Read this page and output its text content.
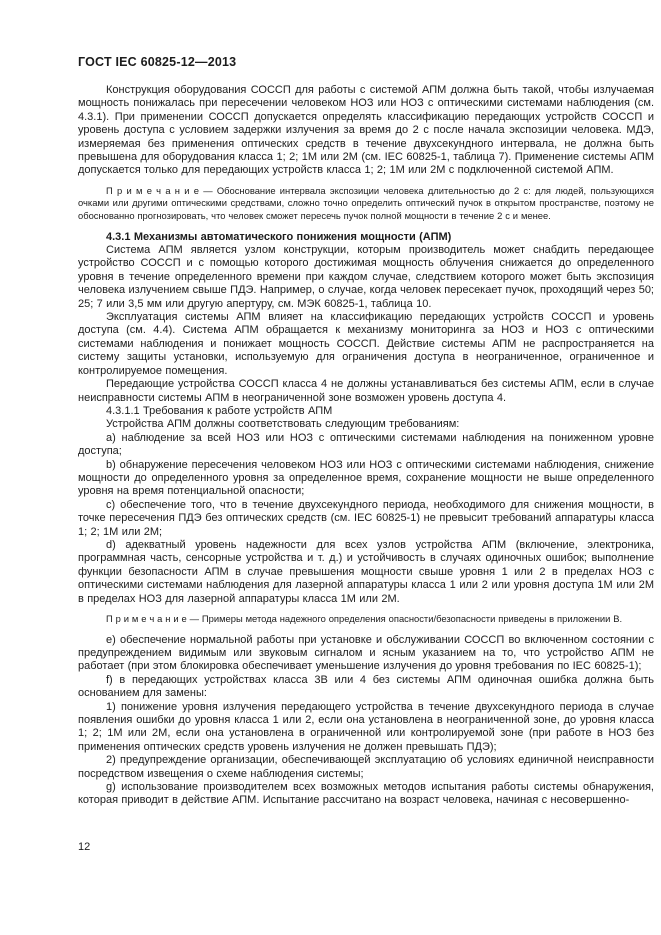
ГОСТ IEC 60825-12—2013

Конструкция оборудования СОССП для работы с системой АПМ должна быть такой, чтобы излучаемая мощность понижалась при пересечении человеком НОЗ или НОЗ с оптическими системами наблюдения (см. 4.3.1). При применении СОССП допускается определять классификацию передающих устройств СОССП и уровень доступа с условием задержки излучения за время до 2 с после начала экспозиции человека. МДЭ, измеряемая без применения оптических средств в течение двухсекундного интервала, не должна быть превышена для оборудования класса 1; 2; 1М или 2М (см. IEC 60825-1, таблица 7). Применение системы АПМ допускается только для передающих устройств класса 1; 2; 1М или 2М с подключенной системой АПМ.

П р и м е ч а н и е — Обоснование интервала экспозиции человека длительностью до 2 с: для людей, пользующихся очками или другими оптическими средствами, сложно точно определить оптический пучок в открытом пространстве, поэтому не обоснованно прогнозировать, что человек сможет пересечь пучок полной мощности в течение 2 с и менее.

4.3.1 Механизмы автоматического понижения мощности (АПМ)

Система АПМ является узлом конструкции, которым производитель может снабдить передающее устройство СОССП и с помощью которого достижимая мощность облучения снижается до определенного уровня в течение определенного времени при каждом случае, следствием которого может быть экспозиция человека излучением свыше ПДЭ. Например, о случае, когда человек пересекает пучок, проходящий через 50; 25; 7 или 3,5 мм или другую апертуру, см. МЭК 60825-1, таблица 10.

Эксплуатация системы АПМ влияет на классификацию передающих устройств СОССП и уровень доступа (см. 4.4). Система АПМ обращается к механизму мониторинга за НОЗ и НОЗ с оптическими системами наблюдения и понижает мощность СОССП. Действие системы АПМ не распространяется на систему защиты установки, используемую для ограничения доступа в неограниченное, ограниченное и контролируемое помещения.

Передающие устройства СОССП класса 4 не должны устанавливаться без системы АПМ, если в случае неисправности системы АПМ в неограниченной зоне возможен уровень доступа 4.

4.3.1.1 Требования к работе устройств АПМ

Устройства АПМ должны соответствовать следующим требованиям:

a) наблюдение за всей НОЗ или НОЗ с оптическими системами наблюдения на пониженном уровне доступа;

b) обнаружение пересечения человеком НОЗ или НОЗ с оптическими системами наблюдения, снижение мощности до определенного уровня за определенное время, сохранение мощности не выше определенного уровня на время потенциальной опасности;

c) обеспечение того, что в течение двухсекундного периода, необходимого для снижения мощности, в точке пересечения ПДЭ без оптических средств (см. IEC 60825-1) не превысит требований аппаратуры класса 1; 2; 1М или 2М;

d) адекватный уровень надежности для всех узлов устройства АПМ (включение, электроника, программная часть, сенсорные устройства и т. д.) и устойчивость в случаях одиночных ошибок; выполнение функции безопасности АПМ в случае превышения мощности свыше уровня 1 или 2 в пределах НОЗ с оптическими системами наблюдения для лазерной аппаратуры класса 1 или 2 или уровня доступа 1М или 2М в пределах НОЗ для лазерной аппаратуры класса 1М или 2М.

П р и м е ч а н и е — Примеры метода надежного определения опасности/безопасности приведены в приложении В.

e) обеспечение нормальной работы при установке и обслуживании СОССП во включенном состоянии с предупреждением видимым или звуковым сигналом и ясным указанием на то, что устройство АПМ не работает (при этом блокировка обеспечивает уменьшение излучения до уровня требования по IEC 60825-1);

f) в передающих устройствах класса 3В или 4 без системы АПМ одиночная ошибка должна быть основанием для замены:

1) понижение уровня излучения передающего устройства в течение двухсекундного периода в случае появления ошибки до уровня класса 1 или 2, если она установлена в неограниченной зоне, до уровня класса 1; 2; 1М или 2М, если она установлена в ограниченной или контролируемой зоне (при работе в НОЗ без применения оптических средств уровень излучения не должен превышать ПДЭ);

2) предупреждение организации, обеспечивающей эксплуатацию об условиях единичной неисправности посредством извещения о схеме наблюдения системы;

g) использование производителем всех возможных методов испытания работы системы обнаружения, которая приводит в действие АПМ. Испытание рассчитано на возраст человека, начиная с несовершенно-

12
